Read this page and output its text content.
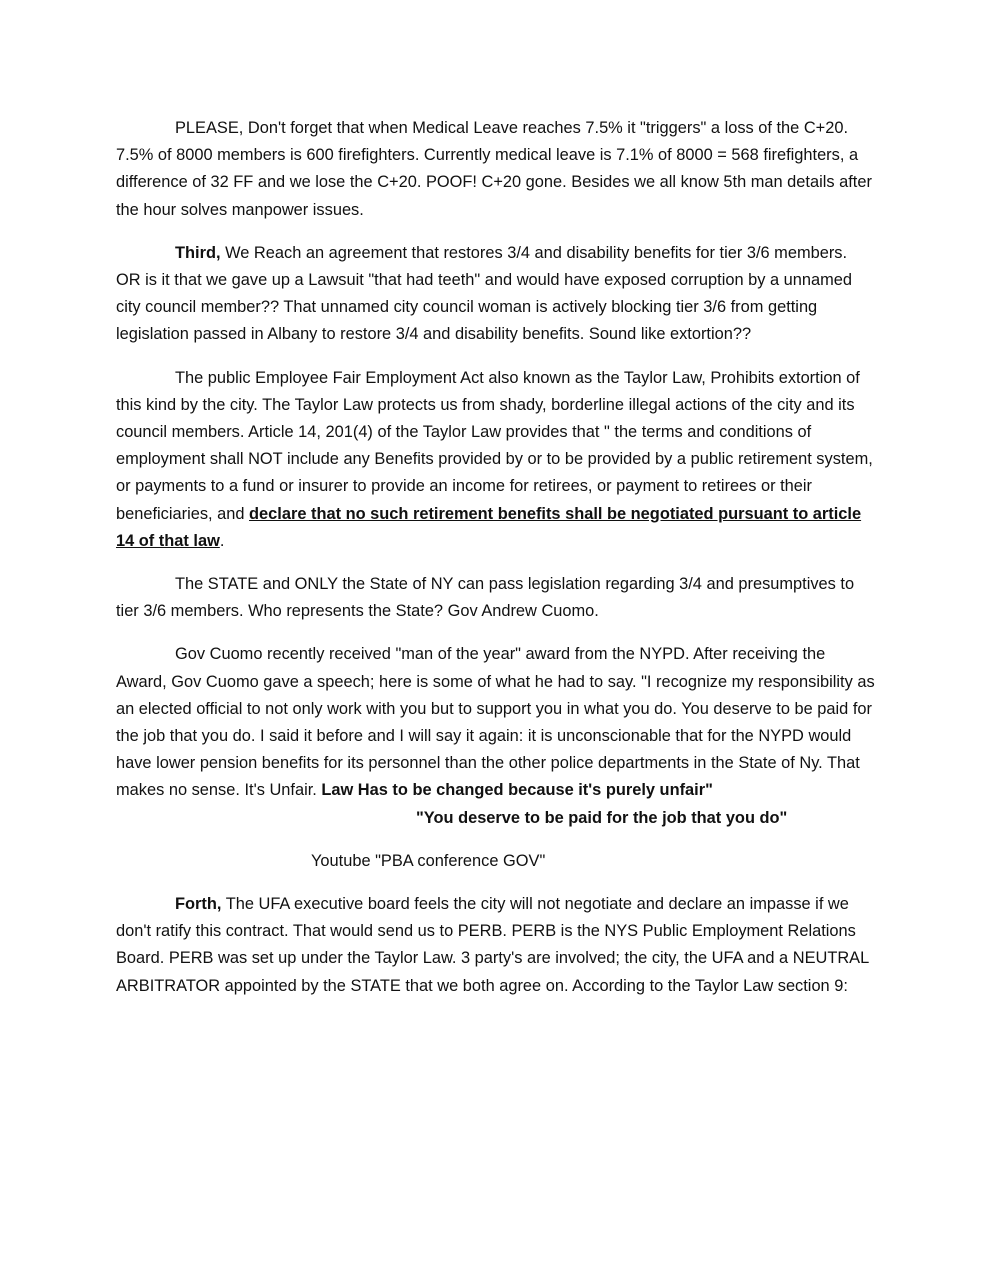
PLEASE, Don't forget that when Medical Leave reaches 7.5% it "triggers" a loss of the C+20. 7.5% of 8000 members is 600 firefighters. Currently medical leave is 7.1% of 8000 = 568 firefighters, a difference of 32 FF and we lose the C+20. POOF! C+20 gone. Besides we all know 5th man details after the hour solves manpower issues.

Third, We Reach an agreement that restores 3/4 and disability benefits for tier 3/6 members. OR is it that we gave up a Lawsuit "that had teeth" and would have exposed corruption by a unnamed city council member?? That unnamed city council woman is actively blocking tier 3/6 from getting legislation passed in Albany to restore 3/4 and disability benefits. Sound like extortion??

The public Employee Fair Employment Act also known as the Taylor Law, Prohibits extortion of this kind by the city. The Taylor Law protects us from shady, borderline illegal actions of the city and its council members. Article 14, 201(4) of the Taylor Law provides that " the terms and conditions of employment shall NOT include any Benefits provided by or to be provided by a public retirement system, or payments to a fund or insurer to provide an income for retirees, or payment to retirees or their beneficiaries, and declare that no such retirement benefits shall be negotiated pursuant to article 14 of that law.

The STATE and ONLY the State of NY can pass legislation regarding 3/4 and presumptives to tier 3/6 members. Who represents the State? Gov Andrew Cuomo.

Gov Cuomo recently received "man of the year" award from the NYPD. After receiving the Award, Gov Cuomo gave a speech; here is some of what he had to say. "I recognize my responsibility as an elected official to not only work with you but to support you in what you do. You deserve to be paid for the job that you do. I said it before and I will say it again: it is unconscionable that for the NYPD would have lower pension benefits for its personnel than the other police departments in the State of Ny. That makes no sense. It's Unfair. Law Has to be changed because it's purely unfair""You deserve to be paid for the job that you do"

Youtube "PBA conference GOV"

Forth, The UFA executive board feels the city will not negotiate and declare an impasse if we don't ratify this contract. That would send us to PERB. PERB is the NYS Public Employment Relations Board. PERB was set up under the Taylor Law. 3 party's are involved; the city, the UFA and a NEUTRAL ARBITRATOR appointed by the STATE that we both agree on. According to the Taylor Law section 9:
